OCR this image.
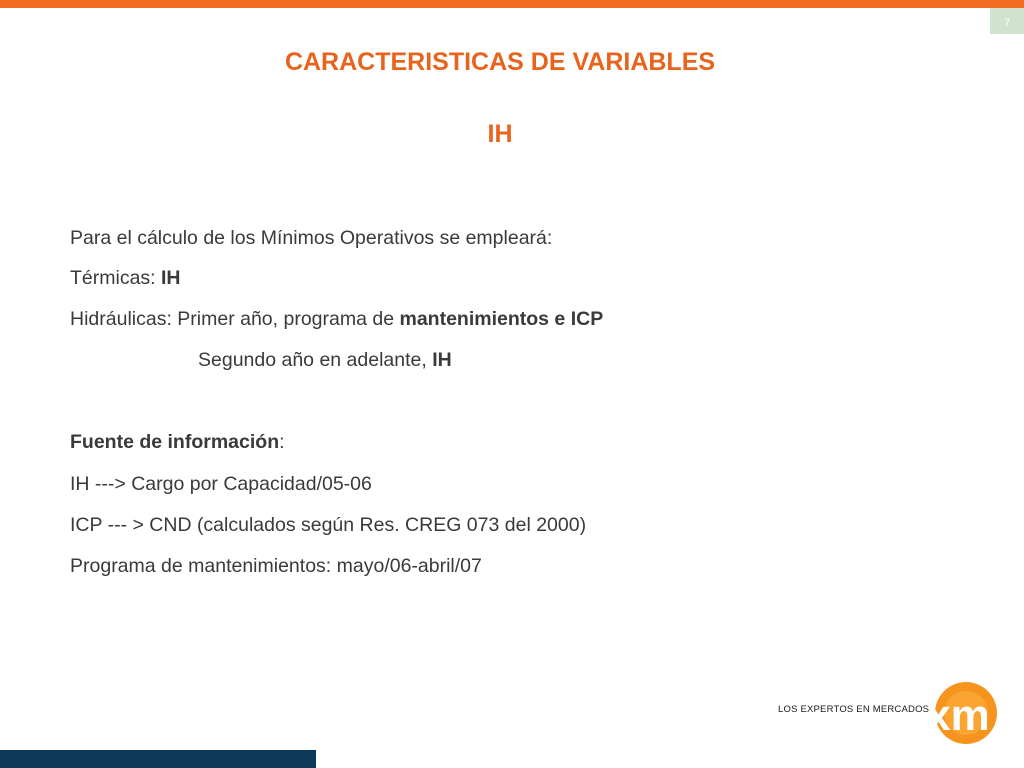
7
CARACTERISTICAS DE VARIABLES
IH
Para el cálculo de los Mínimos Operativos se empleará:
Térmicas: IH
Hidráulicas: Primer año, programa de mantenimientos e ICP
Segundo año en adelante, IH
Fuente de información:
IH ---> Cargo por Capacidad/05-06
ICP --- > CND (calculados según Res. CREG 073 del 2000)
Programa de mantenimientos: mayo/06-abril/07
LOS EXPERTOS EN MERCADOS
xm
